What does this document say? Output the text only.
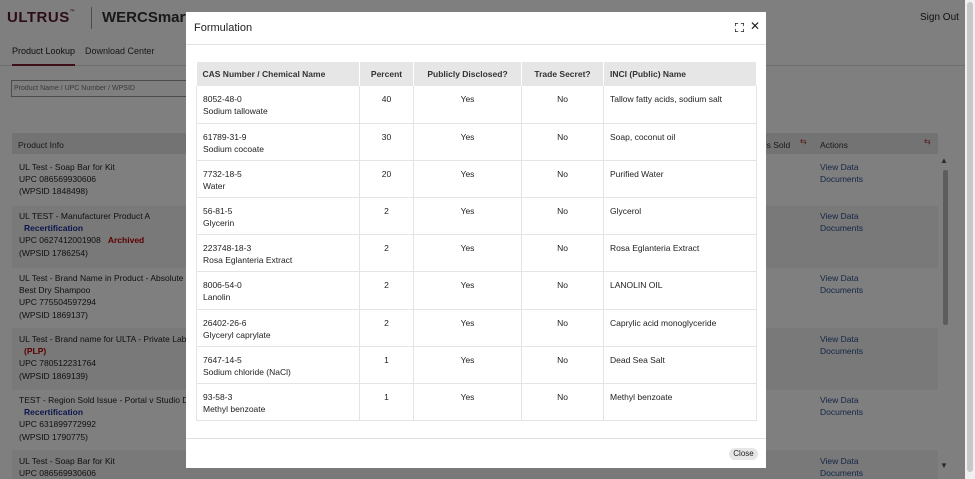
Product Name / UPC Number / WPSID

Formulation	✕
CAS Number / Chemical Name	Percent	Publicly Disclosed?	Trade Secret?	INCI (Public) Name

8052-48-0
Sodium tallowate	40	Yes	No	Tallow fatty acids, sodium salt

61789-31-9
Sodium cocoate	30	Yes	No	Soap, coconut oil

7732-18-5
Water	20	Yes	No	Purified Water

56-81-5
Glycerin	2	Yes	No	Glycerol

223748-18-3
Rosa Eglanteria Extract	2	Yes	No	Rosa Eglanteria Extract

8006-54-0
Lanolin	2	Yes	No	LANOLIN OIL

26402-26-6
Glyceryl caprylate	2	Yes	No	Caprylic acid monoglyceride

7647-14-5
Sodium chloride (NaCl)	1	Yes	No	Dead Sea Salt

93-58-3
Methyl benzoate	1	Yes	No	Methyl benzoate
Close
